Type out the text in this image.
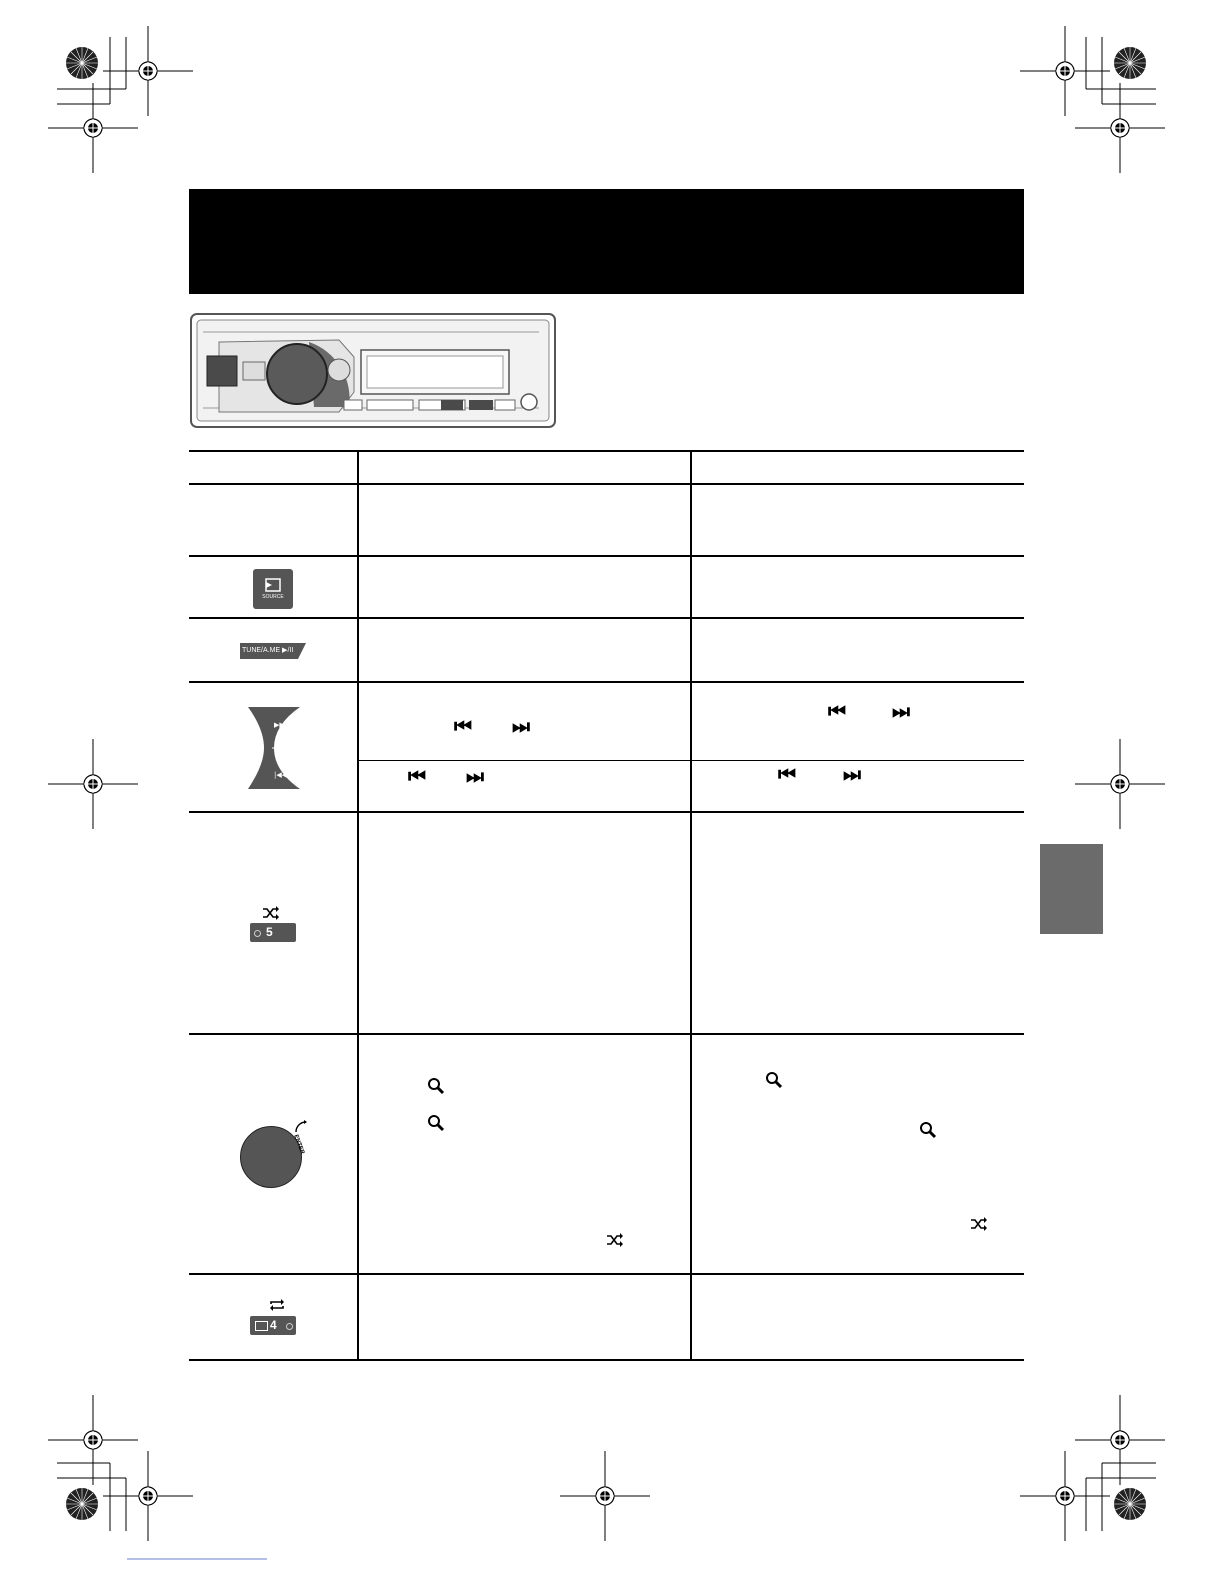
SOURCE
TUNE/A.ME ▶/II
▶▶|
|◀◀
5
ENTER
4
⏮ ⏭
⏮ ⏭
⏮ ⏭	⏮	⏭
